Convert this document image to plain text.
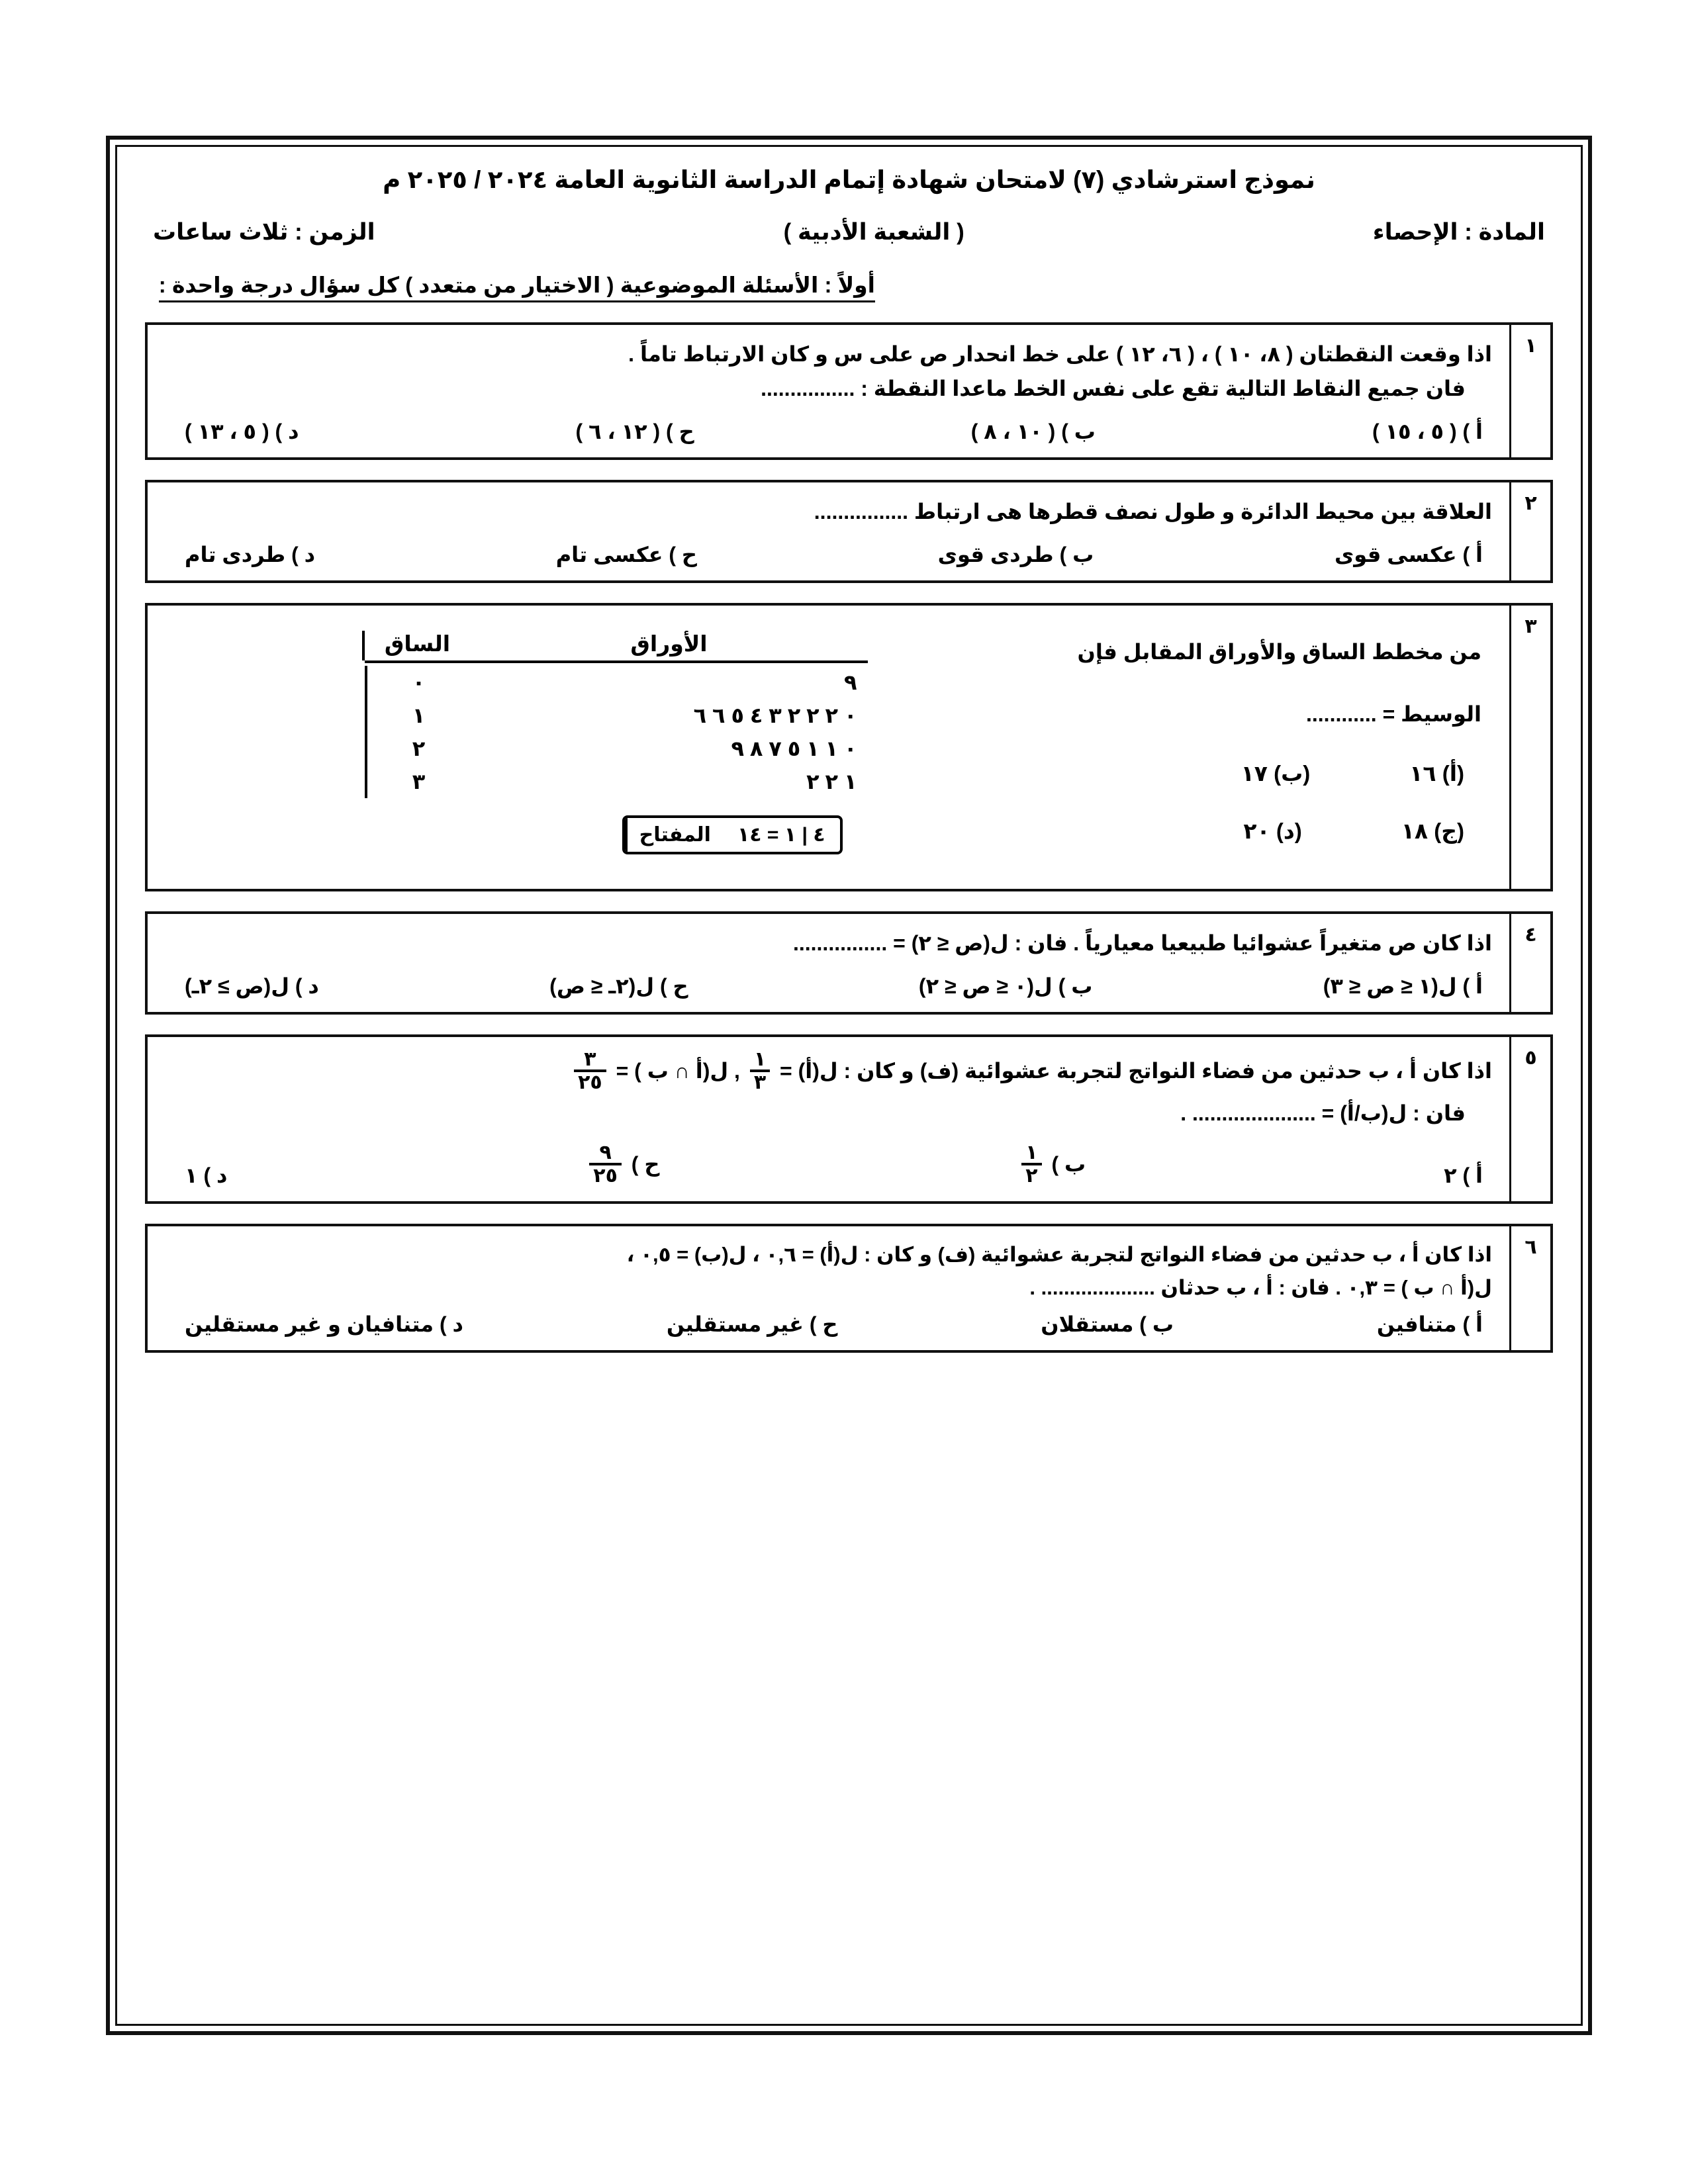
نموذج استرشادي (٧) لامتحان شهادة إتمام الدراسة الثانوية العامة ٢٠٢٤ / ٢٠٢٥ م
المادة : الإحصاء
( الشعبة الأدبية )
الزمن : ثلاث ساعات
أولاً : الأسئلة الموضوعية ( الاختيار من متعدد ) كل سؤال درجة واحدة :
١
اذا وقعت النقطتان ( ٨، ١٠ ) ، ( ٦، ١٢ ) على خط انحدار ص على س و كان الارتباط تاماً .
فان جميع النقاط التالية تقع على نفس الخط ماعدا النقطة : ................
أ ) ( ٥ ، ١٥ )
ب ) ( ١٠ ، ٨ )
ح ) ( ١٢ ، ٦ )
د ) ( ٥ ، ١٣ )
٢
العلاقة بين محيط الدائرة و طول نصف قطرها هى ارتباط ................
أ ) عكسى قوى
ب ) طردى قوى
ح ) عكسى تام
د ) طردى تام
٣
من مخطط الساق والأوراق المقابل فإن
الوسيط = ............
(أ) ١٦
(ب) ١٧
(ج) ١٨
(د) ٢٠
الأوراق
الساق
٩
٠
٠ ٢ ٢ ٢ ٣ ٤ ٥ ٦ ٦
١
٠ ١ ١ ٥ ٧ ٨ ٩
٢
١ ٢ ٢
٣
٤ | ١ = ١٤
المفتاح
٤
اذا كان ص متغيراً عشوائيا طبيعيا معيارياً . فان : ل(ص ≤ ٢) = ................
أ ) ل(١ ≤ ص ≤ ٣)
ب ) ل(٠ ≤ ص ≤ ٢)
ح ) ل(٢ـ ≤ ص)
د ) ل(ص ≥ ٢ـ)
٥
اذا كان أ ، ب حدثين من فضاء النواتج لتجربة عشوائية (ف) و كان : ل(أ) =
$\frac{١}{٣}$
, ل(أ ∩ ب ) =
$\frac{٣}{٢٥}$
فان : ل(ب/أ) = ..................... .
أ ) ٢
ب )
$\frac{١}{٢}$
ح )
$\frac{٩}{٢٥}$
د ) ١
٦
اذا كان أ ، ب حدثين من فضاء النواتج لتجربة عشوائية (ف) و كان : ل(أ) = ٠,٦ ، ل(ب) = ٠,٥ ،
ل(أ ∩ ب ) = ٠,٣ . فان : أ ، ب حدثان .................... .
أ ) متنافين
ب ) مستقلان
ح ) غير مستقلين
د ) متنافيان و غير مستقلين
